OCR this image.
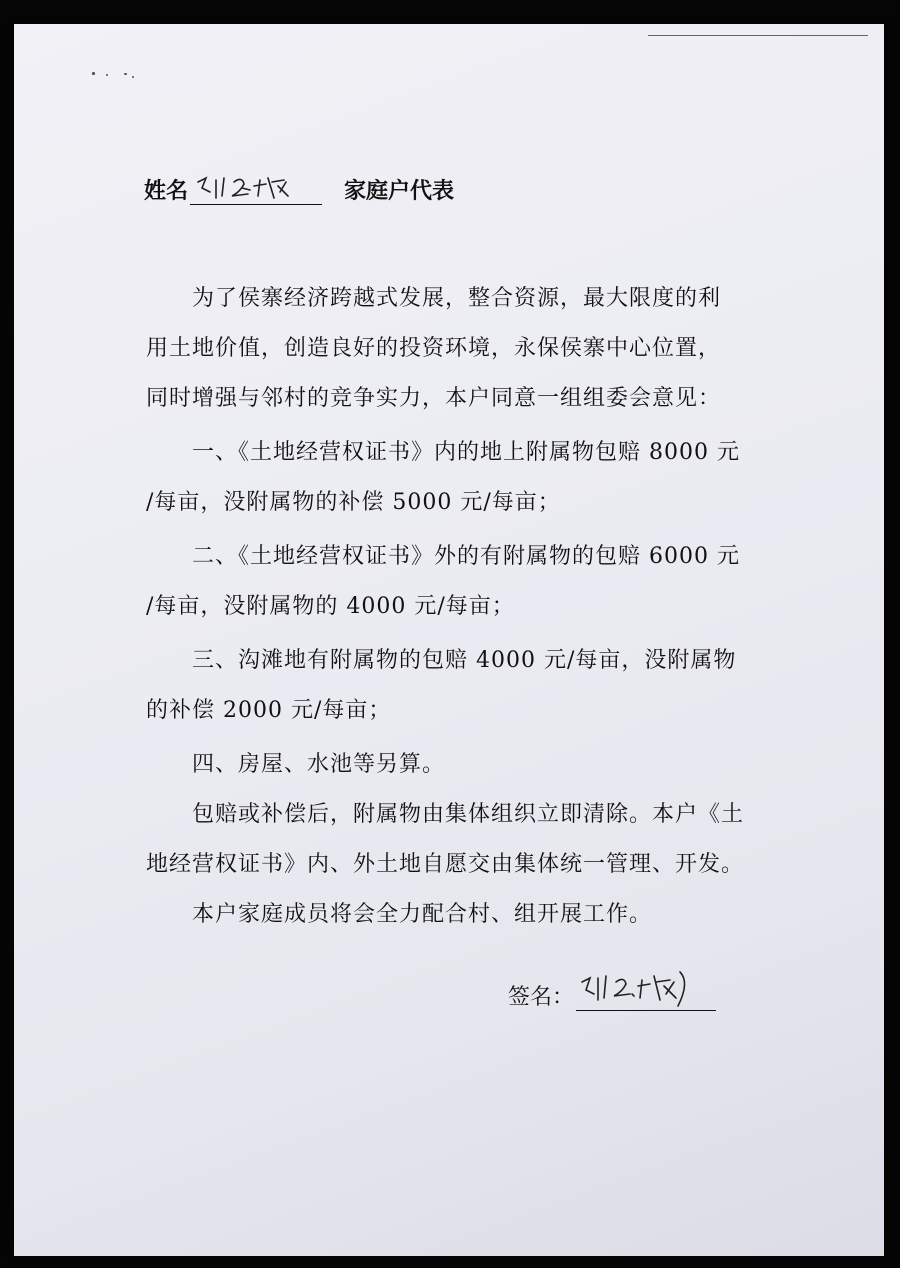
姓名	家庭户代表
为了侯寨经济跨越式发展，整合资源，最大限度的利
用土地价值，创造良好的投资环境，永保侯寨中心位置，
同时增强与邻村的竞争实力，本户同意一组组委会意见：
一、《土地经营权证书》内的地上附属物包赔 8000 元
/每亩，没附属物的补偿 5000 元/每亩；
二、《土地经营权证书》外的有附属物的包赔 6000 元
/每亩，没附属物的 4000 元/每亩；
三、沟滩地有附属物的包赔 4000 元/每亩，没附属物
的补偿 2000 元/每亩；
四、房屋、水池等另算。
包赔或补偿后，附属物由集体组织立即清除。本户《土
地经营权证书》内、外土地自愿交由集体统一管理、开发。
本户家庭成员将会全力配合村、组开展工作。
签名：
